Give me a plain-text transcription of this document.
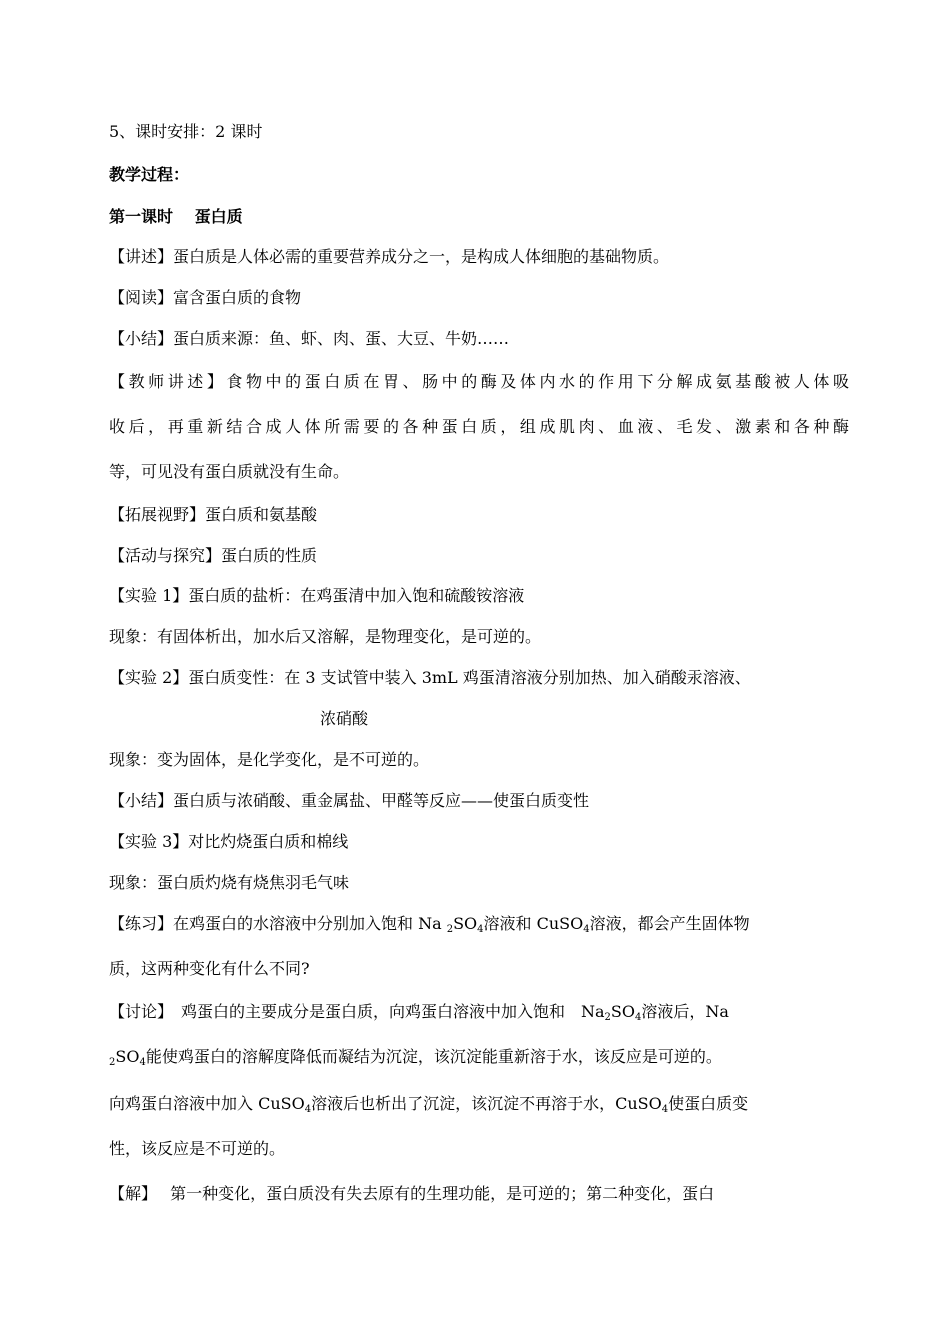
5、课时安排：2 课时
教学过程：
第一课时　 蛋白质
【讲述】蛋白质是人体必需的重要营养成分之一，是构成人体细胞的基础物质。
【阅读】富含蛋白质的食物
【小结】蛋白质来源：鱼、虾、肉、蛋、大豆、牛奶……
【教师讲述】食物中的蛋白质在胃、肠中的酶及体内水的作用下分解成氨基酸被人体吸
收后，再重新结合成人体所需要的各种蛋白质，组成肌肉、血液、毛发、激素和各种酶
等，可见没有蛋白质就没有生命。
【拓展视野】蛋白质和氨基酸
【活动与探究】蛋白质的性质
【实验 1】蛋白质的盐析：在鸡蛋清中加入饱和硫酸铵溶液
现象：有固体析出，加水后又溶解，是物理变化，是可逆的。
【实验 2】蛋白质变性：在 3 支试管中装入 3mL 鸡蛋清溶液分别加热、加入硝酸汞溶液、
浓硝酸
现象：变为固体，是化学变化，是不可逆的。
【小结】蛋白质与浓硝酸、重金属盐、甲醛等反应——使蛋白质变性
【实验 3】对比灼烧蛋白质和棉线
现象：蛋白质灼烧有烧焦羽毛气味
【练习】在鸡蛋白的水溶液中分别加入饱和 Na $_2SO_4$溶液和 CuSO$_4$溶液，都会产生固体物
质，这两种变化有什么不同?
【讨论】　鸡蛋白的主要成分是蛋白质，向鸡蛋白溶液中加入饱和　$Na_2SO_4$溶液后，Na
$_2SO_4$能使鸡蛋白的溶解度降低而凝结为沉淀，该沉淀能重新溶于水，该反应是可逆的。
向鸡蛋白溶液中加入 CuSO$_4$溶液后也析出了沉淀，该沉淀不再溶于水，CuSO$_4$使蛋白质变
性，该反应是不可逆的。
【解】　 第一种变化，蛋白质没有失去原有的生理功能，是可逆的；第二种变化，蛋白
